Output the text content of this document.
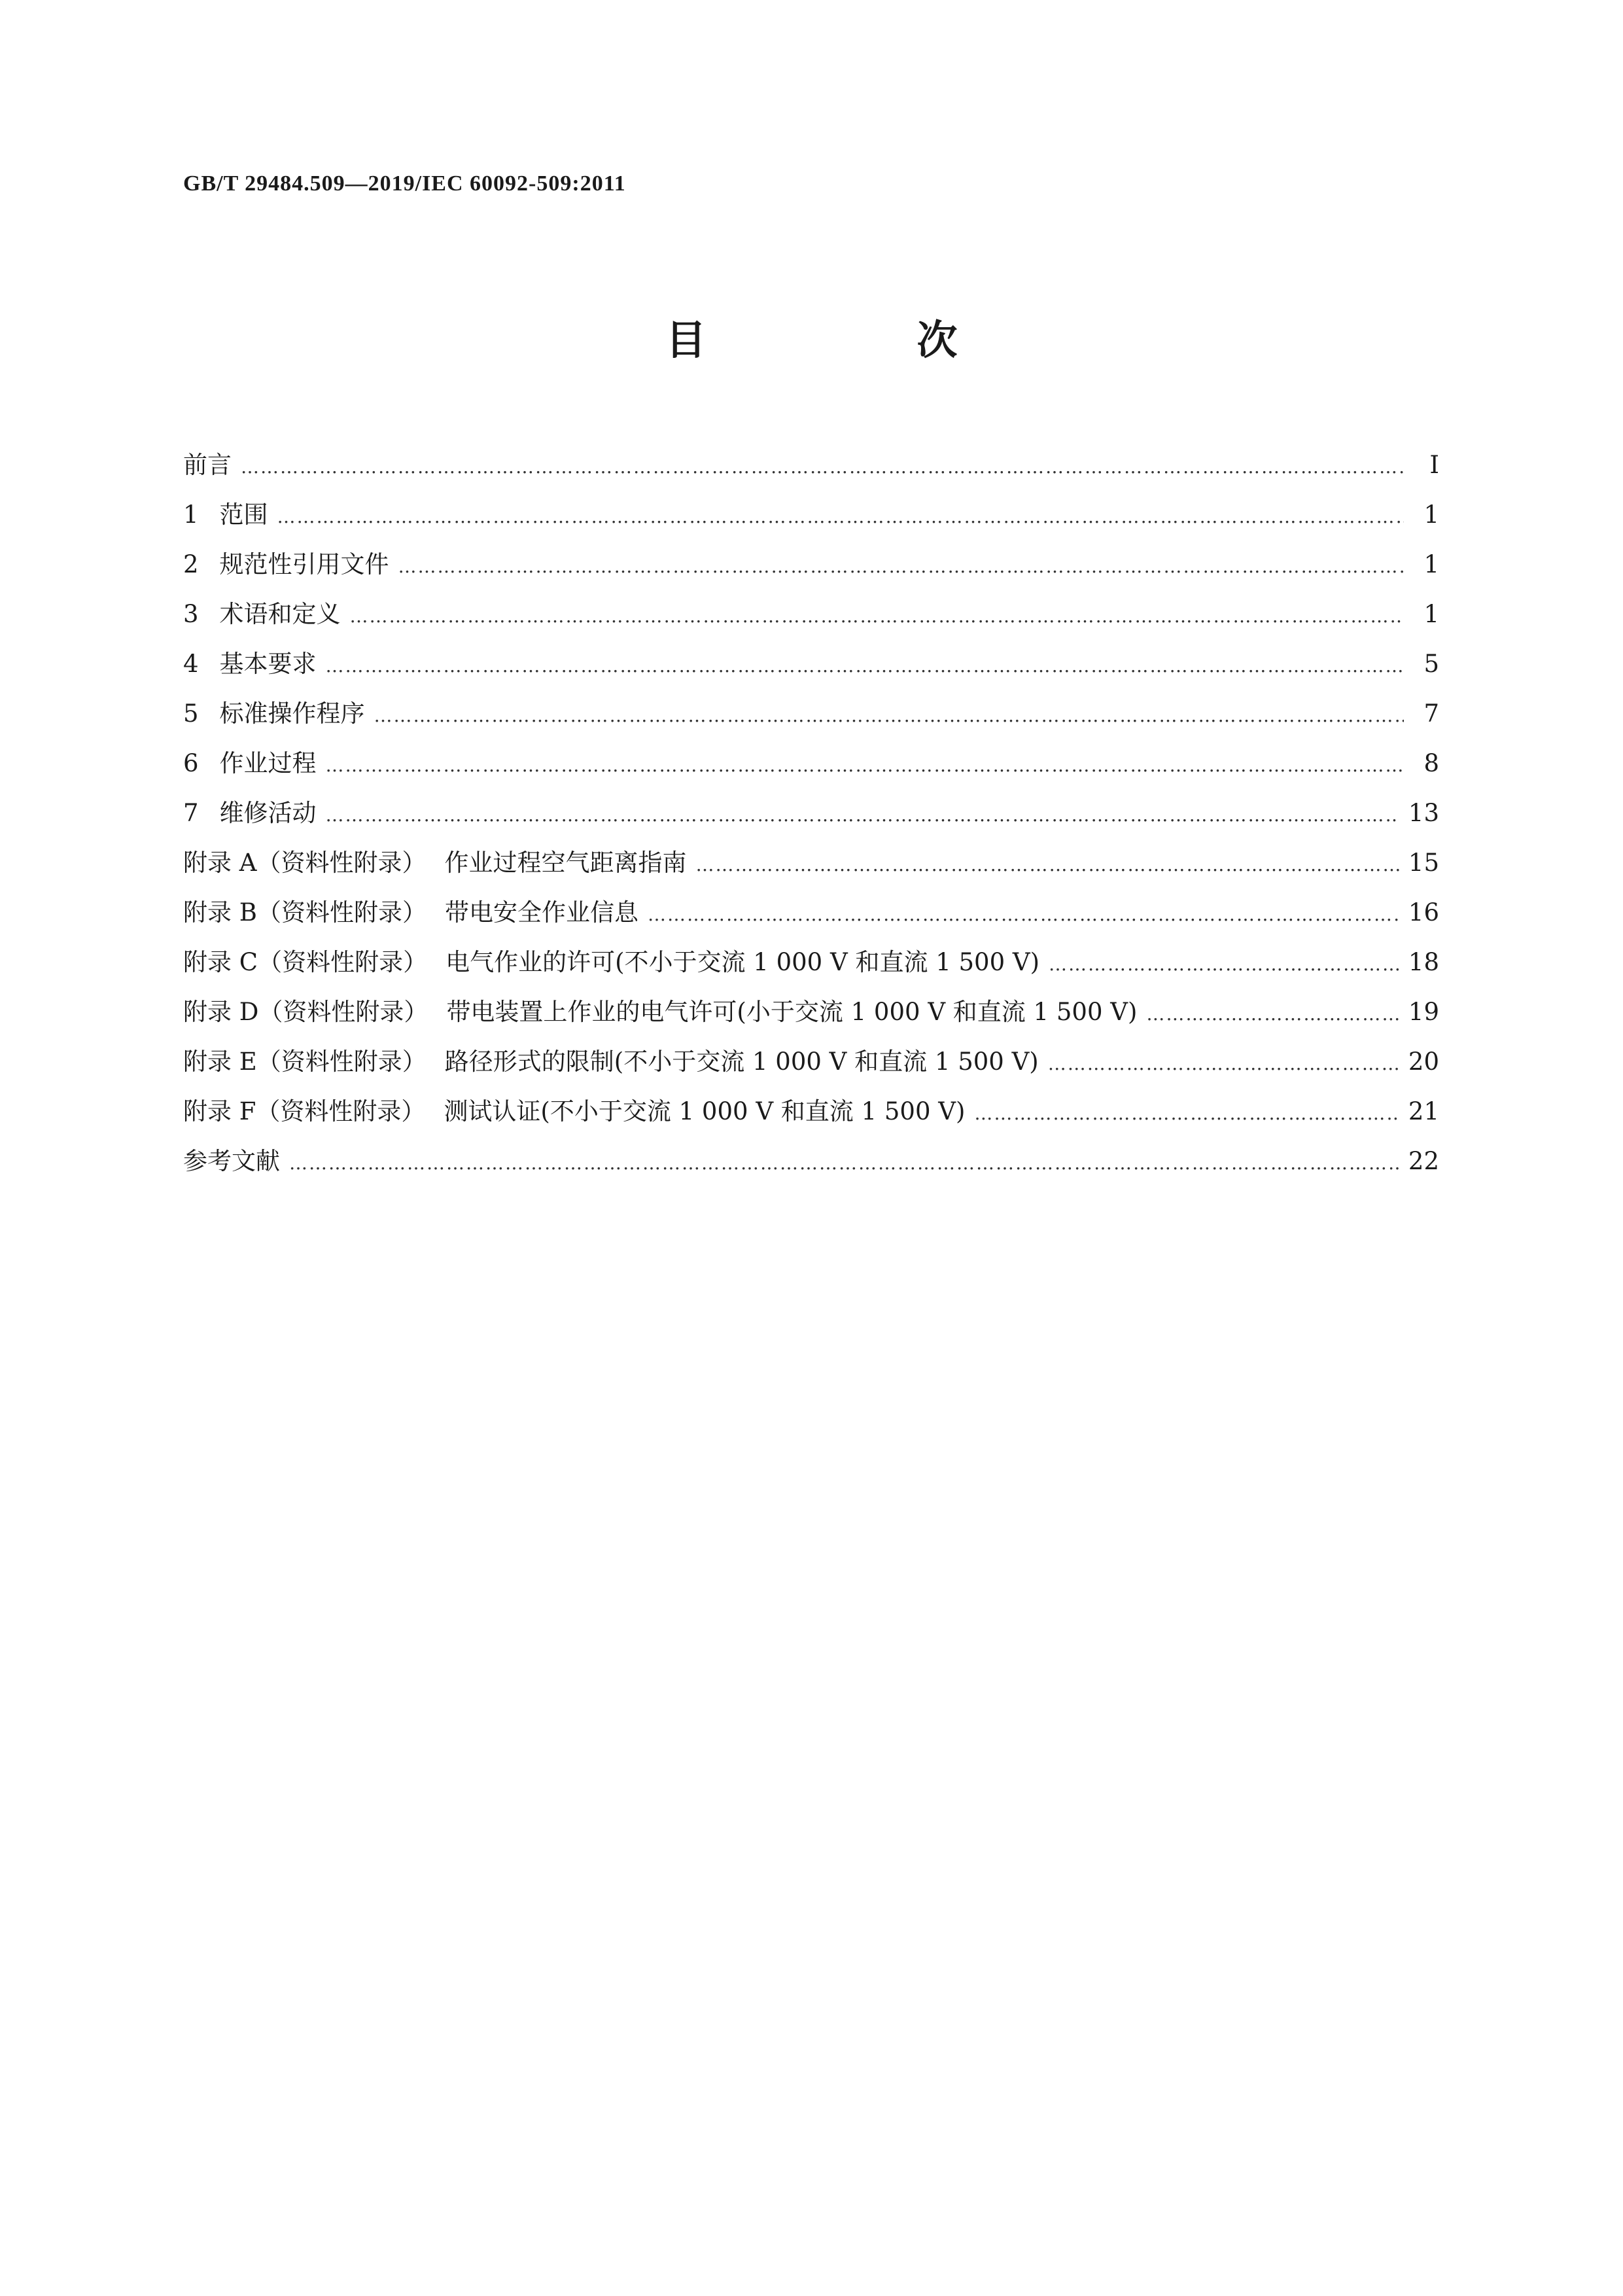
GB/T 29484.509—2019/IEC 60092-509:2011
目　次
前言 …………………………………………………………………………………………………………………………………………………………………………………………………………………………	Ⅰ
1 范围 …………………………………………………………………………………………………………………………………………………………………………………………………………………………	1
2 规范性引用文件 …………………………………………………………………………………………………………………………………………………………………………………………………………………………	1
3 术语和定义 …………………………………………………………………………………………………………………………………………………………………………………………………………………………	1
4 基本要求 …………………………………………………………………………………………………………………………………………………………………………………………………………………………	5
5 标准操作程序 …………………………………………………………………………………………………………………………………………………………………………………………………………………………	7
6 作业过程 …………………………………………………………………………………………………………………………………………………………………………………………………………………………	8
7 维修活动 …………………………………………………………………………………………………………………………………………………………………………………………………………………………	13
附录 A（资料性附录） 作业过程空气距离指南 …………………………………………………………………………………………………………………………………………………………………………………………………………………………	15
附录 B（资料性附录） 带电安全作业信息 …………………………………………………………………………………………………………………………………………………………………………………………………………………………	16
附录 C（资料性附录） 电气作业的许可(不小于交流 1 000 V 和直流 1 500 V) …………………………………………………………………………………………………………………………………………………………………………………………………………………………	18
附录 D（资料性附录） 带电装置上作业的电气许可(小于交流 1 000 V 和直流 1 500 V) …………………………………………………………………………………………………………………………………………………………………………………………………………………………	19
附录 E（资料性附录） 路径形式的限制(不小于交流 1 000 V 和直流 1 500 V) …………………………………………………………………………………………………………………………………………………………………………………………………………………………	20
附录 F（资料性附录） 测试认证(不小于交流 1 000 V 和直流 1 500 V) …………………………………………………………………………………………………………………………………………………………………………………………………………………………	21
参考文献 …………………………………………………………………………………………………………………………………………………………………………………………………………………………	22
